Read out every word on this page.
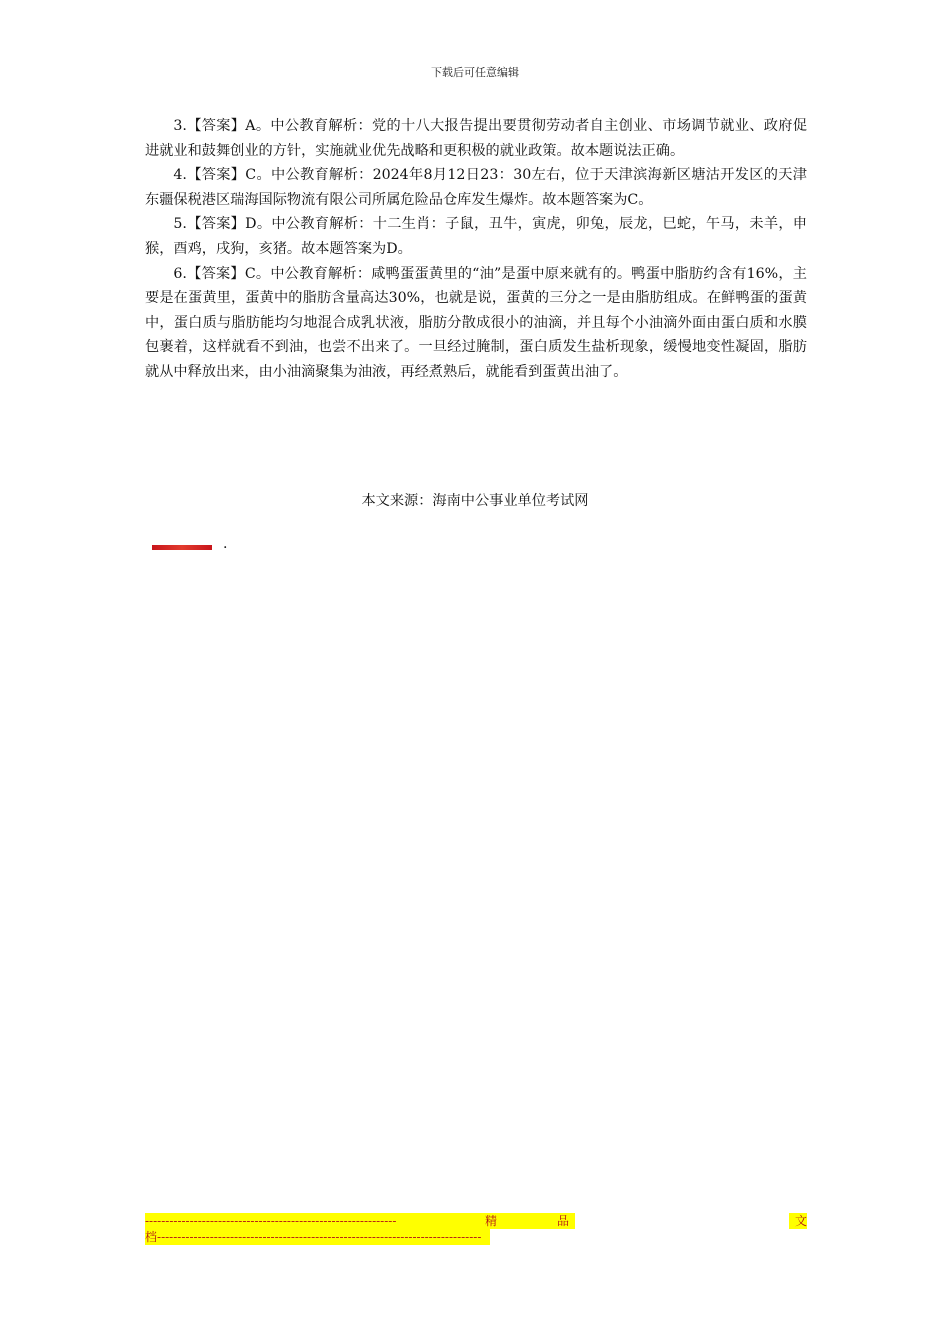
下载后可任意编辑

3.【答案】A。中公教育解析：党的十八大报告提出要贯彻劳动者自主创业、市场调节就业、政府促进就业和鼓舞创业的方针，实施就业优先战略和更积极的就业政策。故本题说法正确。

4.【答案】C。中公教育解析：2024年8月12日23：30左右，位于天津滨海新区塘沽开发区的天津东疆保税港区瑞海国际物流有限公司所属危险品仓库发生爆炸。故本题答案为C。

5.【答案】D。中公教育解析：十二生肖：子鼠，丑牛，寅虎，卯兔，辰龙，巳蛇，午马，未羊，申猴，酉鸡，戌狗，亥猪。故本题答案为D。

6.【答案】C。中公教育解析：咸鸭蛋蛋黄里的“油”是蛋中原来就有的。鸭蛋中脂肪约含有16%，主要是在蛋黄里，蛋黄中的脂肪含量高达30%，也就是说，蛋黄的三分之一是由脂肪组成。在鲜鸭蛋的蛋黄中，蛋白质与脂肪能均匀地混合成乳状液，脂肪分散成很小的油滴，并且每个小油滴外面由蛋白质和水膜包裹着，这样就看不到油，也尝不出来了。一旦经过腌制，蛋白质发生盐析现象，缓慢地变性凝固，脂肪就从中释放出来，由小油滴聚集为油液，再经煮熟后，就能看到蛋黄出油了。

本文来源：海南中公事业单位考试网
.
--------------------------------------------------------------	精	品	文
档--------------------------------------------------------------------------------
